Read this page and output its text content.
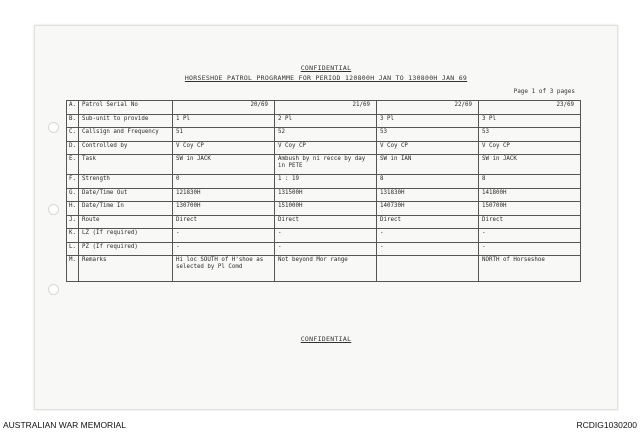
CONFIDENTIAL
HORSESHOE PATROL PROGRAMME FOR PERIOD 120800H JAN TO 130800H JAN 69
Page 1 of 3 pages
A.	Patrol Serial No	20/69	21/69	22/69	23/69
B.	Sub-unit to provide	1 Pl	2 Pl	3 Pl	3 Pl
C.	Callsign and Frequency	51	52	53	53
D.	Controlled by	V Coy CP	V Coy CP	V Coy CP	V Coy CP
E.	Task	SW in JACK	Ambush by ni recce by day in PETE	SW in IAN	SW in JACK
F.	Strength	0	1 : 19	8	8
G.	Date/Time Out	121830H	131500H	131830H	141800H
H.	Date/Time In	130700H	151000H	140730H	150700H
J.	Route	Direct	Direct	Direct	Direct
K.	LZ (If required)	-	-	-	-
L.	PZ (If required)	-	-	-	-
M.	Remarks	Hi loc SOUTH of H'shoe as selected by Pl Comd	Not beyond Mor range		NORTH of Horseshoe
CONFIDENTIAL
AUSTRALIAN WAR MEMORIAL	RCDIG1030200
